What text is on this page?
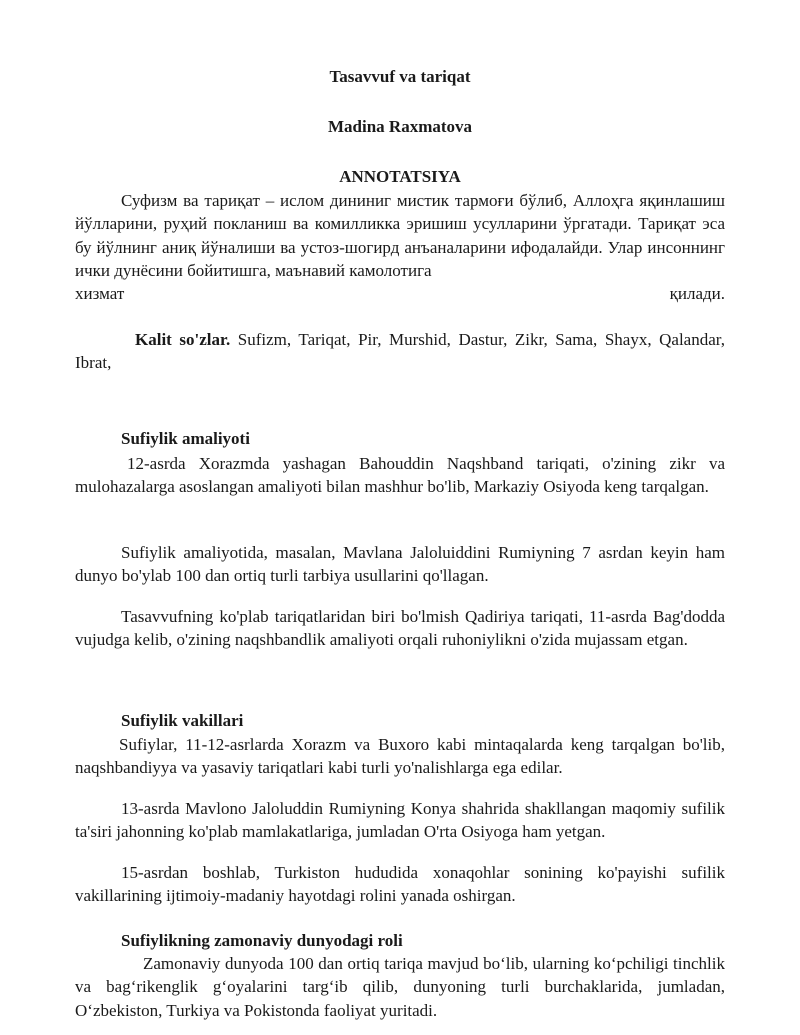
Tasavvuf va tariqat
Madina Raxmatova
ANNOTATSIYA
Суфизм ва тариқат – ислом дининиг мистик тармоғи бўлиб, Аллоҳга яқинлашиш йўлларини, руҳий покланиш ва комилликка эришиш усулларини ўргатади. Тариқат эса бу йўлнинг аниқ йўналиши ва устоз-шогирд анъаналарини ифодалайди. Улар инсоннинг ички дунёсини бойитишга, маънавий камолотига
хизмат қилади.
Kalit so'zlar. Sufizm, Tariqat, Pir, Murshid, Dastur, Zikr, Sama, Shayx, Qalandar, Ibrat,
Sufiylik amaliyoti
12-asrda Xorazmda yashagan Bahouddin Naqshband tariqati, o'zining zikr va mulohazalarga asoslangan amaliyoti bilan mashhur bo'lib, Markaziy Osiyoda keng tarqalgan.
Sufiylik amaliyotida, masalan, Mavlana Jaloluiddini Rumiyning 7 asrdan keyin ham dunyo bo'ylab 100 dan ortiq turli tarbiya usullarini qo'llagan.
Tasavvufning ko'plab tariqatlaridan biri bo'lmish Qadiriya tariqati, 11-asrda Bag'dodda vujudga kelib, o'zining naqshbandlik amaliyoti orqali ruhoniylikni o'zida mujassam etgan.
Sufiylik vakillari
Sufiylar, 11-12-asrlarda Xorazm va Buxoro kabi mintaqalarda keng tarqalgan bo'lib, naqshbandiyya va yasaviy tariqatlari kabi turli yo'nalishlarga ega edilar.
13-asrda Mavlono Jaloluddin Rumiyning Konya shahrida shakllangan maqomiy sufilik ta'siri jahonning ko'plab mamlakatlariga, jumladan O'rta Osiyoga ham yetgan.
15-asrdan boshlab, Turkiston hududida xonaqohlar sonining ko'payishi sufilik vakillarining ijtimoiy-madaniy hayotdagi rolini yanada oshirgan.
Sufiylikning zamonaviy dunyodagi roli
Zamonaviy dunyoda 100 dan ortiq tariqa mavjud bo‘lib, ularning ko‘pchiligi tinchlik va bag‘rikenglik g‘oyalarini targ‘ib qilib, dunyoning turli burchaklarida, jumladan, O‘zbekiston, Turkiya va Pokistonda faoliyat yuritadi.
